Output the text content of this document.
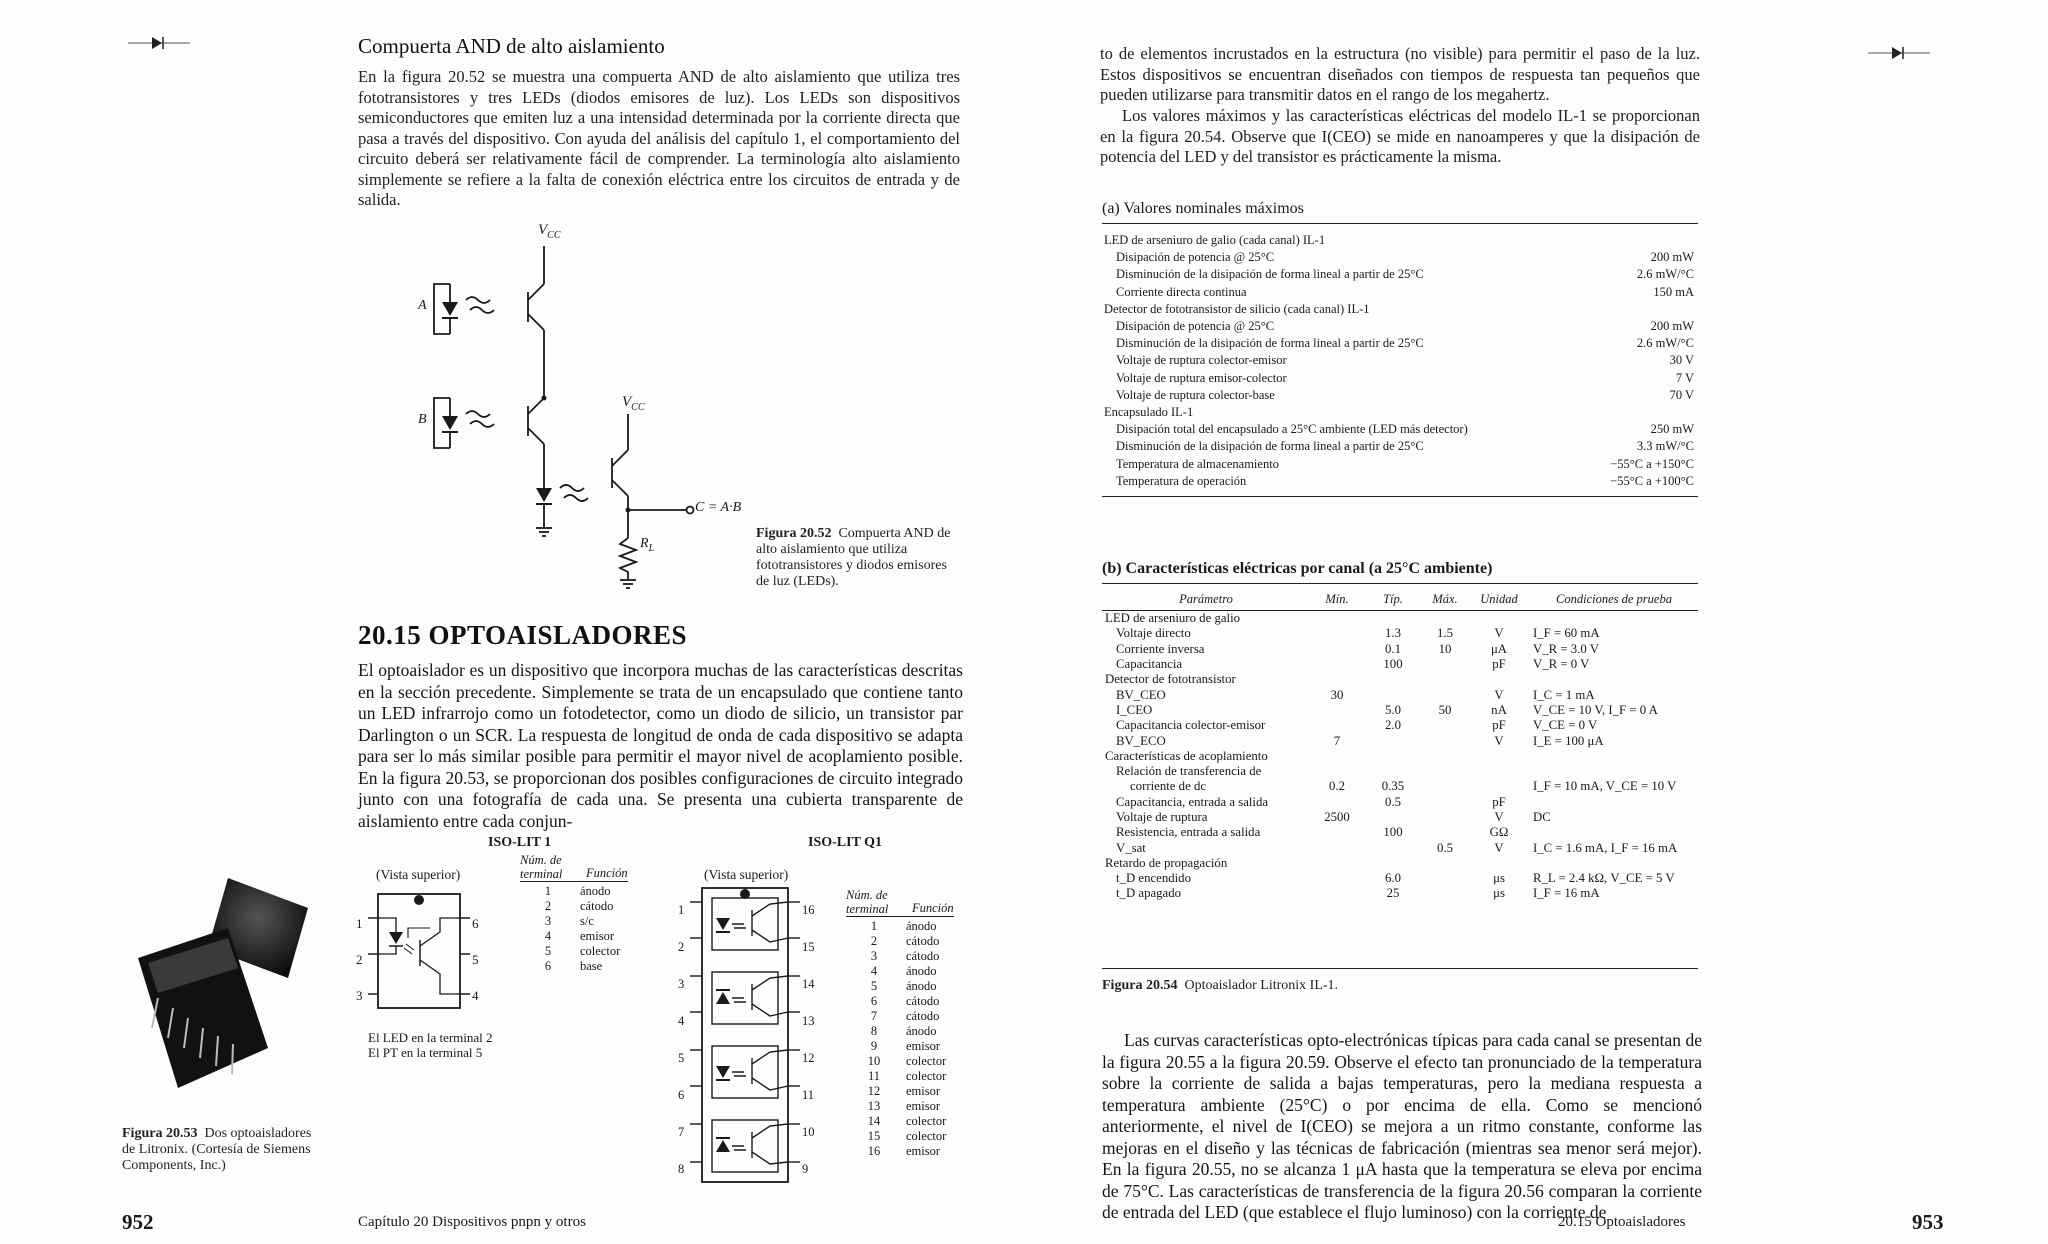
Compuerta AND de alto aislamiento
En la figura 20.52 se muestra una compuerta AND de alto aislamiento que utiliza tres fototransistores y tres LEDs (diodos emisores de luz). Los LEDs son dispositivos semiconductores que emiten luz a una intensidad determinada por la corriente directa que pasa a través del dispositivo. Con ayuda del análisis del capítulo 1, el comportamiento del circuito deberá ser relativamente fácil de comprender. La terminología alto aislamiento simplemente se refiere a la falta de conexión eléctrica entre los circuitos de entrada y de salida.
$V_{CC}$
$V_{CC}$
A
B
C = A·B
$R_L$
Figura 20.52 Compuerta AND de alto aislamiento que utiliza fototransistores y diodos emisores de luz (LEDs).
20.15 OPTOAISLADORES
El optoaislador es un dispositivo que incorpora muchas de las características descritas en la sección precedente. Simplemente se trata de un encapsulado que contiene tanto un LED infrarrojo como un fotodetector, como un diodo de silicio, un transistor par Darlington o un SCR. La respuesta de longitud de onda de cada dispositivo se adapta para ser lo más similar posible para permitir el mayor nivel de acoplamiento posible. En la figura 20.53, se proporcionan dos posibles configuraciones de circuito integrado junto con una fotografía de cada una. Se presenta una cubierta transparente de aislamiento entre cada conjun-
ISO-LIT 1
(Vista superior)
1
2
3
6
5
4
Núm. de terminal	Función
1	ánodo
2	cátodo
3	s/c
4	emisor
5	colector
6	base
El LED en la terminal 2
El PT en la terminal 5
ISO-LIT Q1
(Vista superior)
1
2
3
4
5
6
7
8
16
15
14
13
12
11
10
9
Núm. de terminal	Función
1	ánodo
2	cátodo
3	cátodo
4	ánodo
5	ánodo
6	cátodo
7	cátodo
8	ánodo
9	emisor
10	colector
11	colector
12	emisor
13	emisor
14	colector
15	colector
16	emisor
Figura 20.53 Dos optoaisladores de Litronix. (Cortesía de Siemens Components, Inc.)
952	Capítulo 20 Dispositivos pnpn y otros
to de elementos incrustados en la estructura (no visible) para permitir el paso de la luz. Estos dispositivos se encuentran diseñados con tiempos de respuesta tan pequeños que pueden utilizarse para transmitir datos en el rango de los megahertz.
Los valores máximos y las características eléctricas del modelo IL-1 se proporcionan en la figura 20.54. Observe que I(CEO) se mide en nanoamperes y que la disipación de potencia del LED y del transistor es prácticamente la misma.
(a) Valores nominales máximos
LED de arseniuro de galio (cada canal) IL-1	
Disipación de potencia @ 25°C	200 mW
Disminución de la disipación de forma lineal a partir de 25°C	2.6 mW/°C
Corriente directa continua	150 mA
Detector de fototransistor de silicio (cada canal) IL-1	
Disipación de potencia @ 25°C	200 mW
Disminución de la disipación de forma lineal a partir de 25°C	2.6 mW/°C
Voltaje de ruptura colector-emisor	30 V
Voltaje de ruptura emisor-colector	7 V
Voltaje de ruptura colector-base	70 V
Encapsulado IL-1	
Disipación total del encapsulado a 25°C ambiente (LED más detector)	250 mW
Disminución de la disipación de forma lineal a partir de 25°C	3.3 mW/°C
Temperatura de almacenamiento	−55°C a +150°C
Temperatura de operación	−55°C a +100°C
(b) Características eléctricas por canal (a 25°C ambiente)
Parámetro	Mín.	Típ.	Máx.	Unidad	Condiciones de prueba
LED de arseniuro de galio					
Voltaje directo		1.3	1.5	V	I_F = 60 mA
Corriente inversa		0.1	10	μA	V_R = 3.0 V
Capacitancia		100		pF	V_R = 0 V
Detector de fototransistor					
BV_CEO	30			V	I_C = 1 mA
I_CEO		5.0	50	nA	V_CE = 10 V, I_F = 0 A
Capacitancia colector-emisor		2.0		pF	V_CE = 0 V
BV_ECO	7			V	I_E = 100 μA
Características de acoplamiento					
Relación de transferencia de					
corriente de dc	0.2	0.35			I_F = 10 mA, V_CE = 10 V
Capacitancia, entrada a salida		0.5		pF	
Voltaje de ruptura	2500			V	DC
Resistencia, entrada a salida		100		GΩ	
V_sat			0.5	V	I_C = 1.6 mA, I_F = 16 mA
Retardo de propagación					
t_D encendido		6.0		μs	R_L = 2.4 kΩ, V_CE = 5 V
t_D apagado		25		μs	I_F = 16 mA
Figura 20.54 Optoaislador Litronix IL-1.
Las curvas características opto-electrónicas típicas para cada canal se presentan de la figura 20.55 a la figura 20.59. Observe el efecto tan pronunciado de la temperatura sobre la corriente de salida a bajas temperaturas, pero la mediana respuesta a temperatura ambiente (25°C) o por encima de ella. Como se mencionó anteriormente, el nivel de I(CEO) se mejora a un ritmo constante, conforme las mejoras en el diseño y las técnicas de fabricación (mientras sea menor será mejor). En la figura 20.55, no se alcanza 1 μA hasta que la temperatura se eleva por encima de 75°C. Las características de transferencia de la figura 20.56 comparan la corriente de entrada del LED (que establece el flujo luminoso) con la corriente de
20.15 Optoaisladores	953
